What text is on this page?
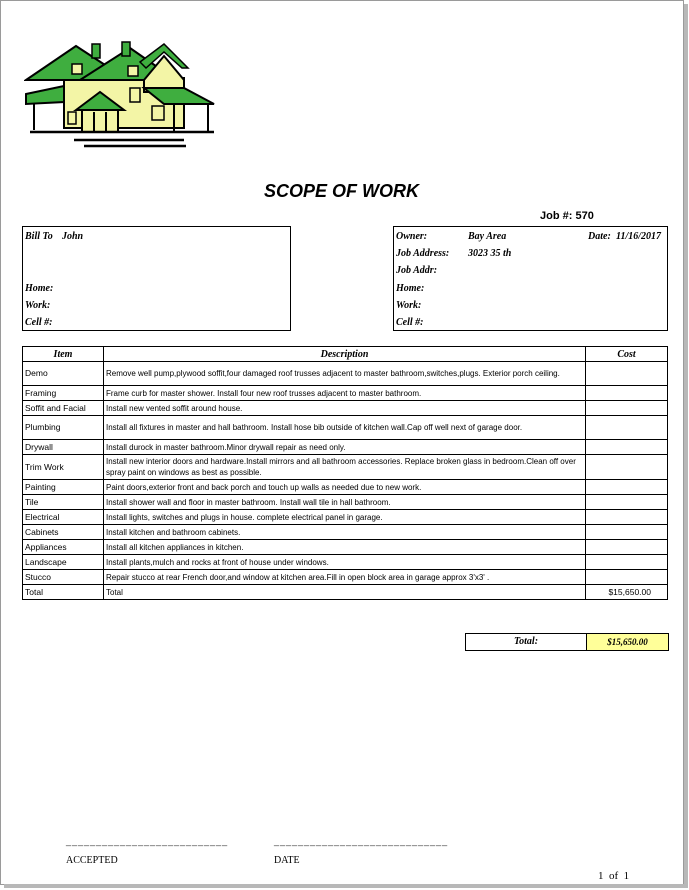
SCOPE OF WORK
Job #: 570
Bill To John
Home:
Work:
Cell #:
Owner:	Bay Area	Date: 11/16/2017
Job Address: 3023 35 th
Job Addr:
Home:
Work:
Cell #:
Item	Description	Cost
Demo	Remove well pump,plywood soffit,four damaged roof trusses adjacent to master bathroom,switches,plugs. Exterior porch ceiling.	
Framing	Frame curb for master shower. Install four new roof trusses adjacent to master bathroom.	
Soffit and Facial	Install new vented soffit around house.	
Plumbing	Install all fixtures in master and hall bathroom. Install hose bib outside of kitchen wall.Cap off well next of garage door.	
Drywall	Install durock in master bathroom.Minor drywall repair as need only.	
Trim Work	Install new interior doors and hardware.Install mirrors and all bathroom accessories. Replace broken glass in bedroom.Clean off over spray paint on windows as best as possible.	
Painting	Paint doors,exterior front and back porch and touch up walls as needed due to new work.	
Tile	Install shower wall and floor in master bathroom. Install wall tile in hall bathroom.	
Electrical	Install lights, switches and plugs in house. complete electrical panel in garage.	
Cabinets	Install kitchen and bathroom cabinets.	
Appliances	Install all kitchen appliances in kitchen.	
Landscape	Install plants,mulch and rocks at front of house under windows.	
Stucco	Repair stucco at rear French door,and window at kitchen area.Fill in open block area in garage approx 3'x3' .	
Total	Total	$15,650.00
Total:	$15,650.00
___________________________
ACCEPTED
_____________________________
DATE
1  of  1
